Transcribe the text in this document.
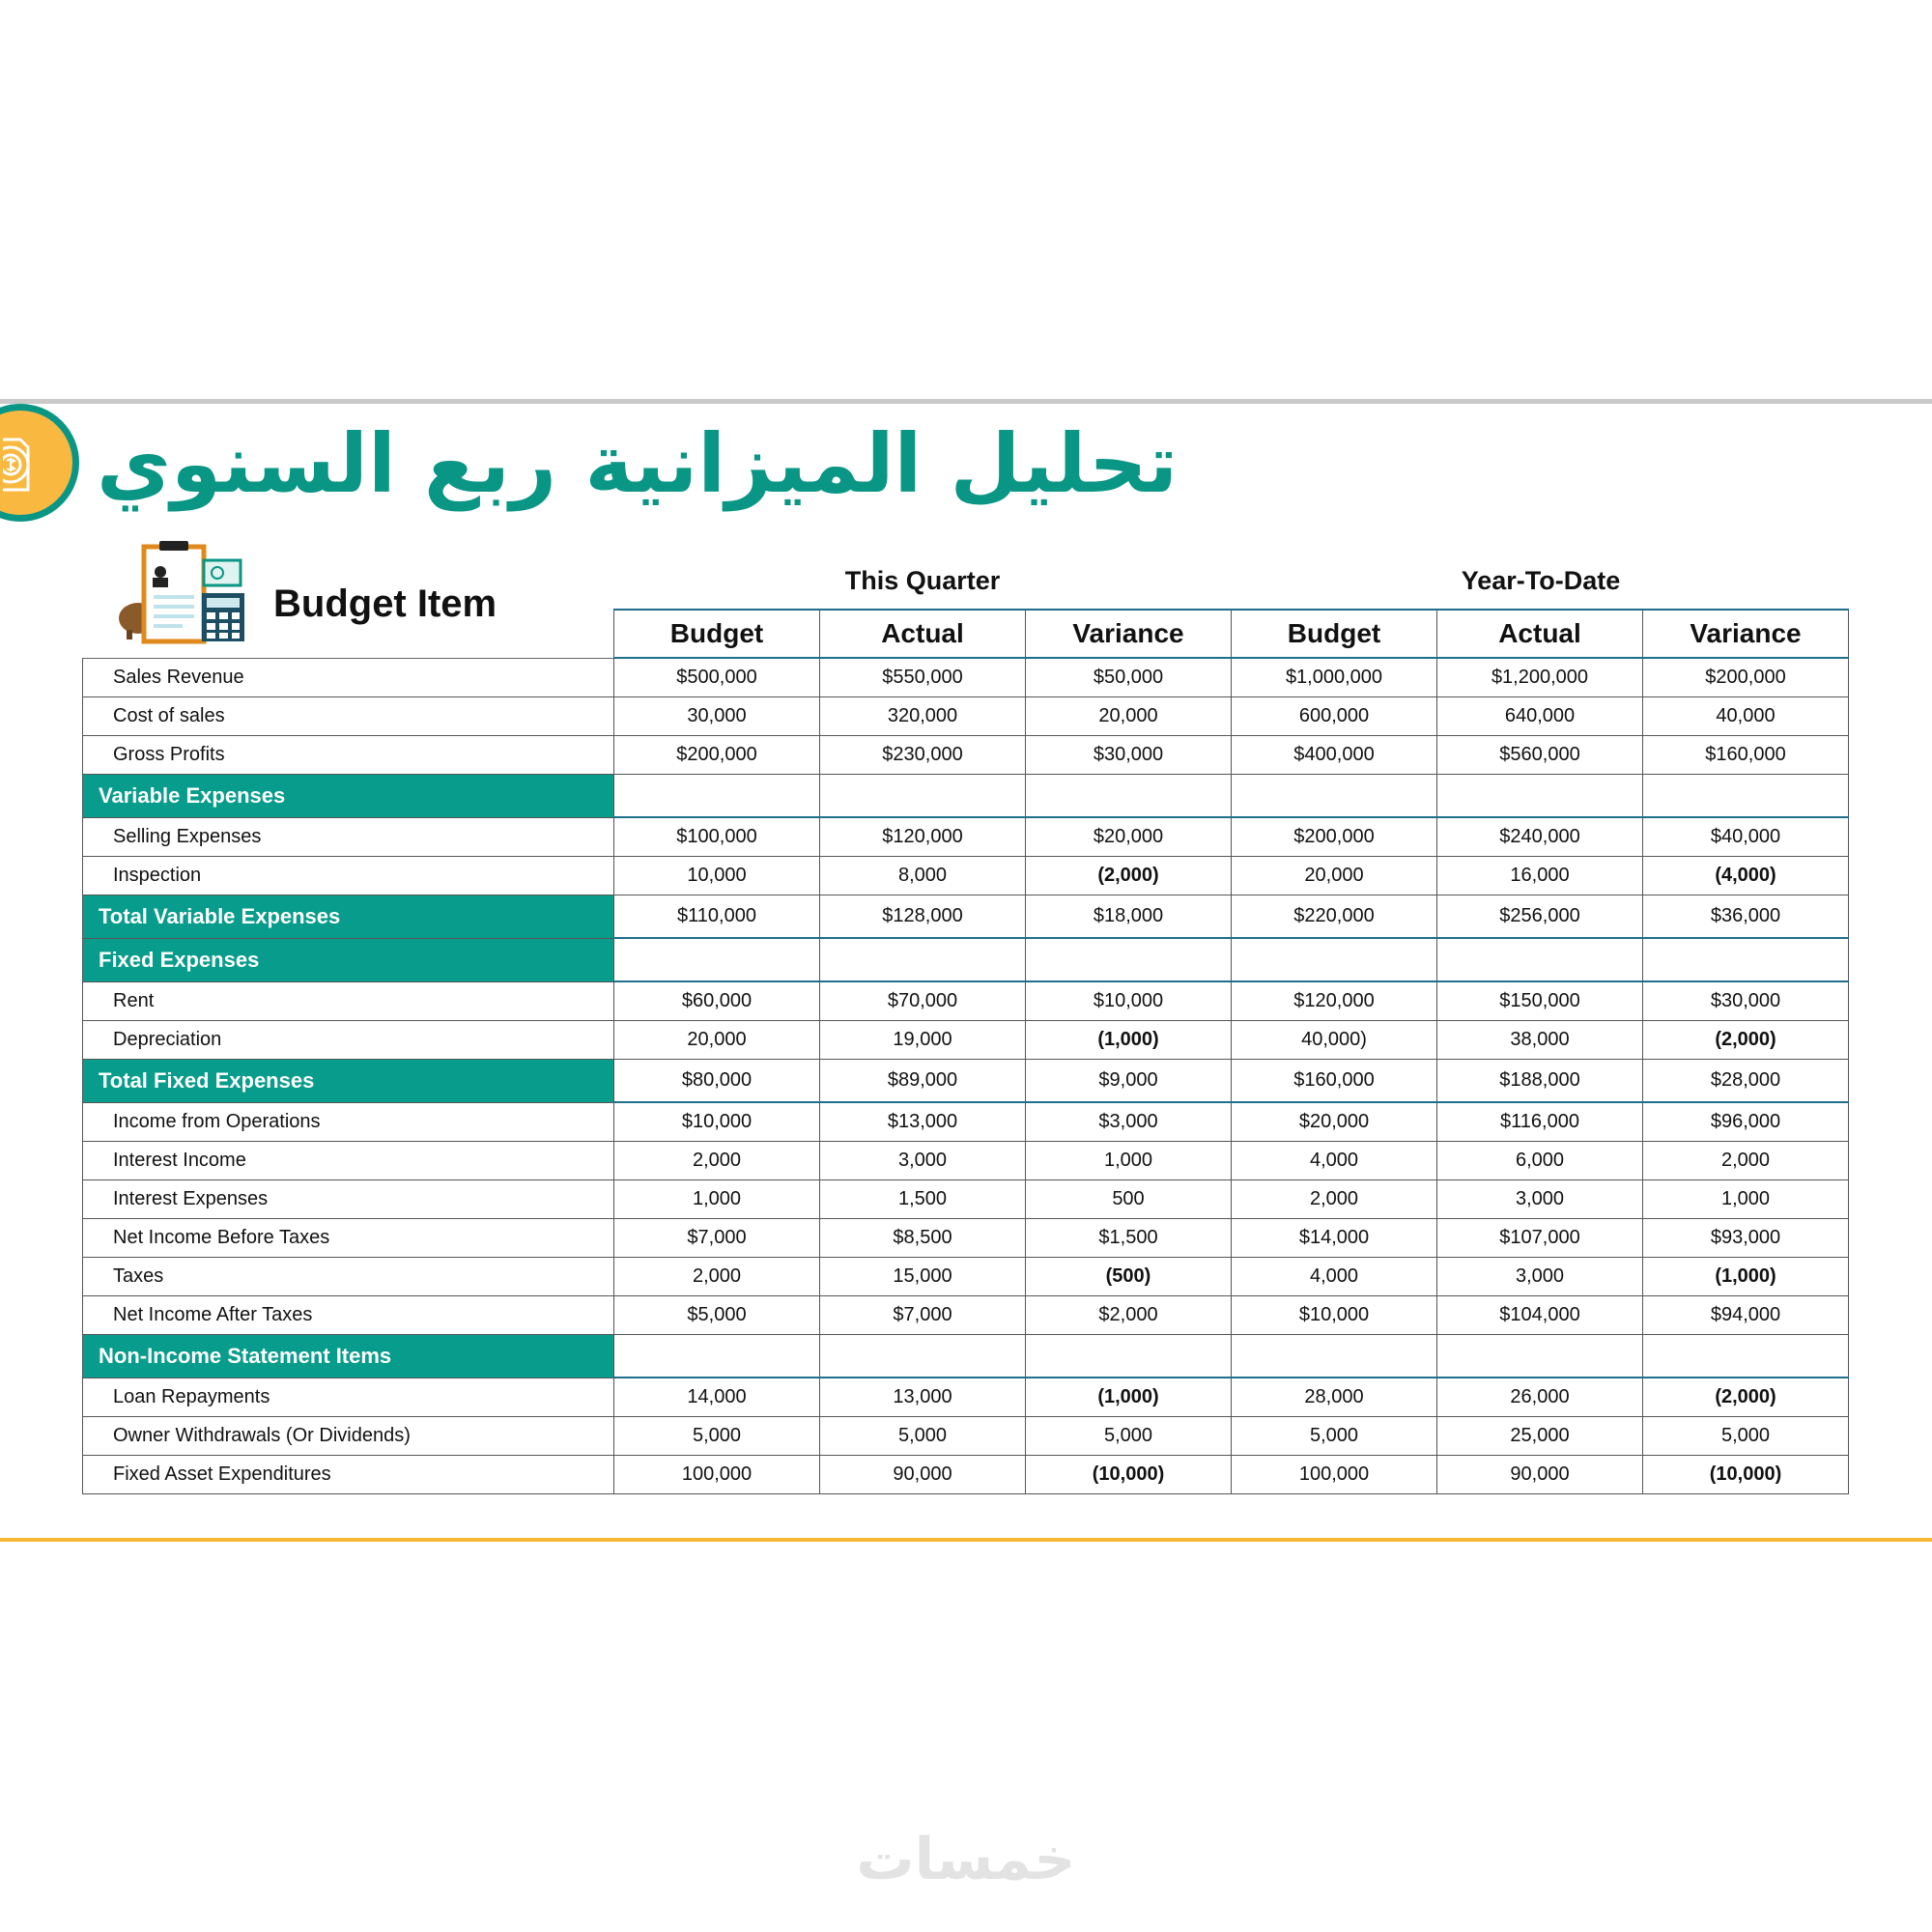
تحليل الميزانية ربع السنوي
Budget Item
This Quarter	Year-To-Date
	Budget	Actual	Variance	Budget	Actual	Variance
Sales Revenue	$500,000	$550,000	$50,000	$1,000,000	$1,200,000	$200,000
Cost of sales	30,000	320,000	20,000	600,000	640,000	40,000
Gross Profits	$200,000	$230,000	$30,000	$400,000	$560,000	$160,000
Variable Expenses						
Selling Expenses	$100,000	$120,000	$20,000	$200,000	$240,000	$40,000
Inspection	10,000	8,000	(2,000)	20,000	16,000	(4,000)
Total Variable Expenses	$110,000	$128,000	$18,000	$220,000	$256,000	$36,000
Fixed Expenses						
Rent	$60,000	$70,000	$10,000	$120,000	$150,000	$30,000
Depreciation	20,000	19,000	(1,000)	40,000)	38,000	(2,000)
Total Fixed Expenses	$80,000	$89,000	$9,000	$160,000	$188,000	$28,000
Income from Operations	$10,000	$13,000	$3,000	$20,000	$116,000	$96,000
Interest Income	2,000	3,000	1,000	4,000	6,000	2,000
Interest Expenses	1,000	1,500	500	2,000	3,000	1,000
Net Income Before Taxes	$7,000	$8,500	$1,500	$14,000	$107,000	$93,000
Taxes	2,000	15,000	(500)	4,000	3,000	(1,000)
Net Income After Taxes	$5,000	$7,000	$2,000	$10,000	$104,000	$94,000
Non-Income Statement Items						
Loan Repayments	14,000	13,000	(1,000)	28,000	26,000	(2,000)
Owner Withdrawals (Or Dividends)	5,000	5,000	5,000	5,000	25,000	5,000
Fixed Asset Expenditures	100,000	90,000	(10,000)	100,000	90,000	(10,000)
خمسات
